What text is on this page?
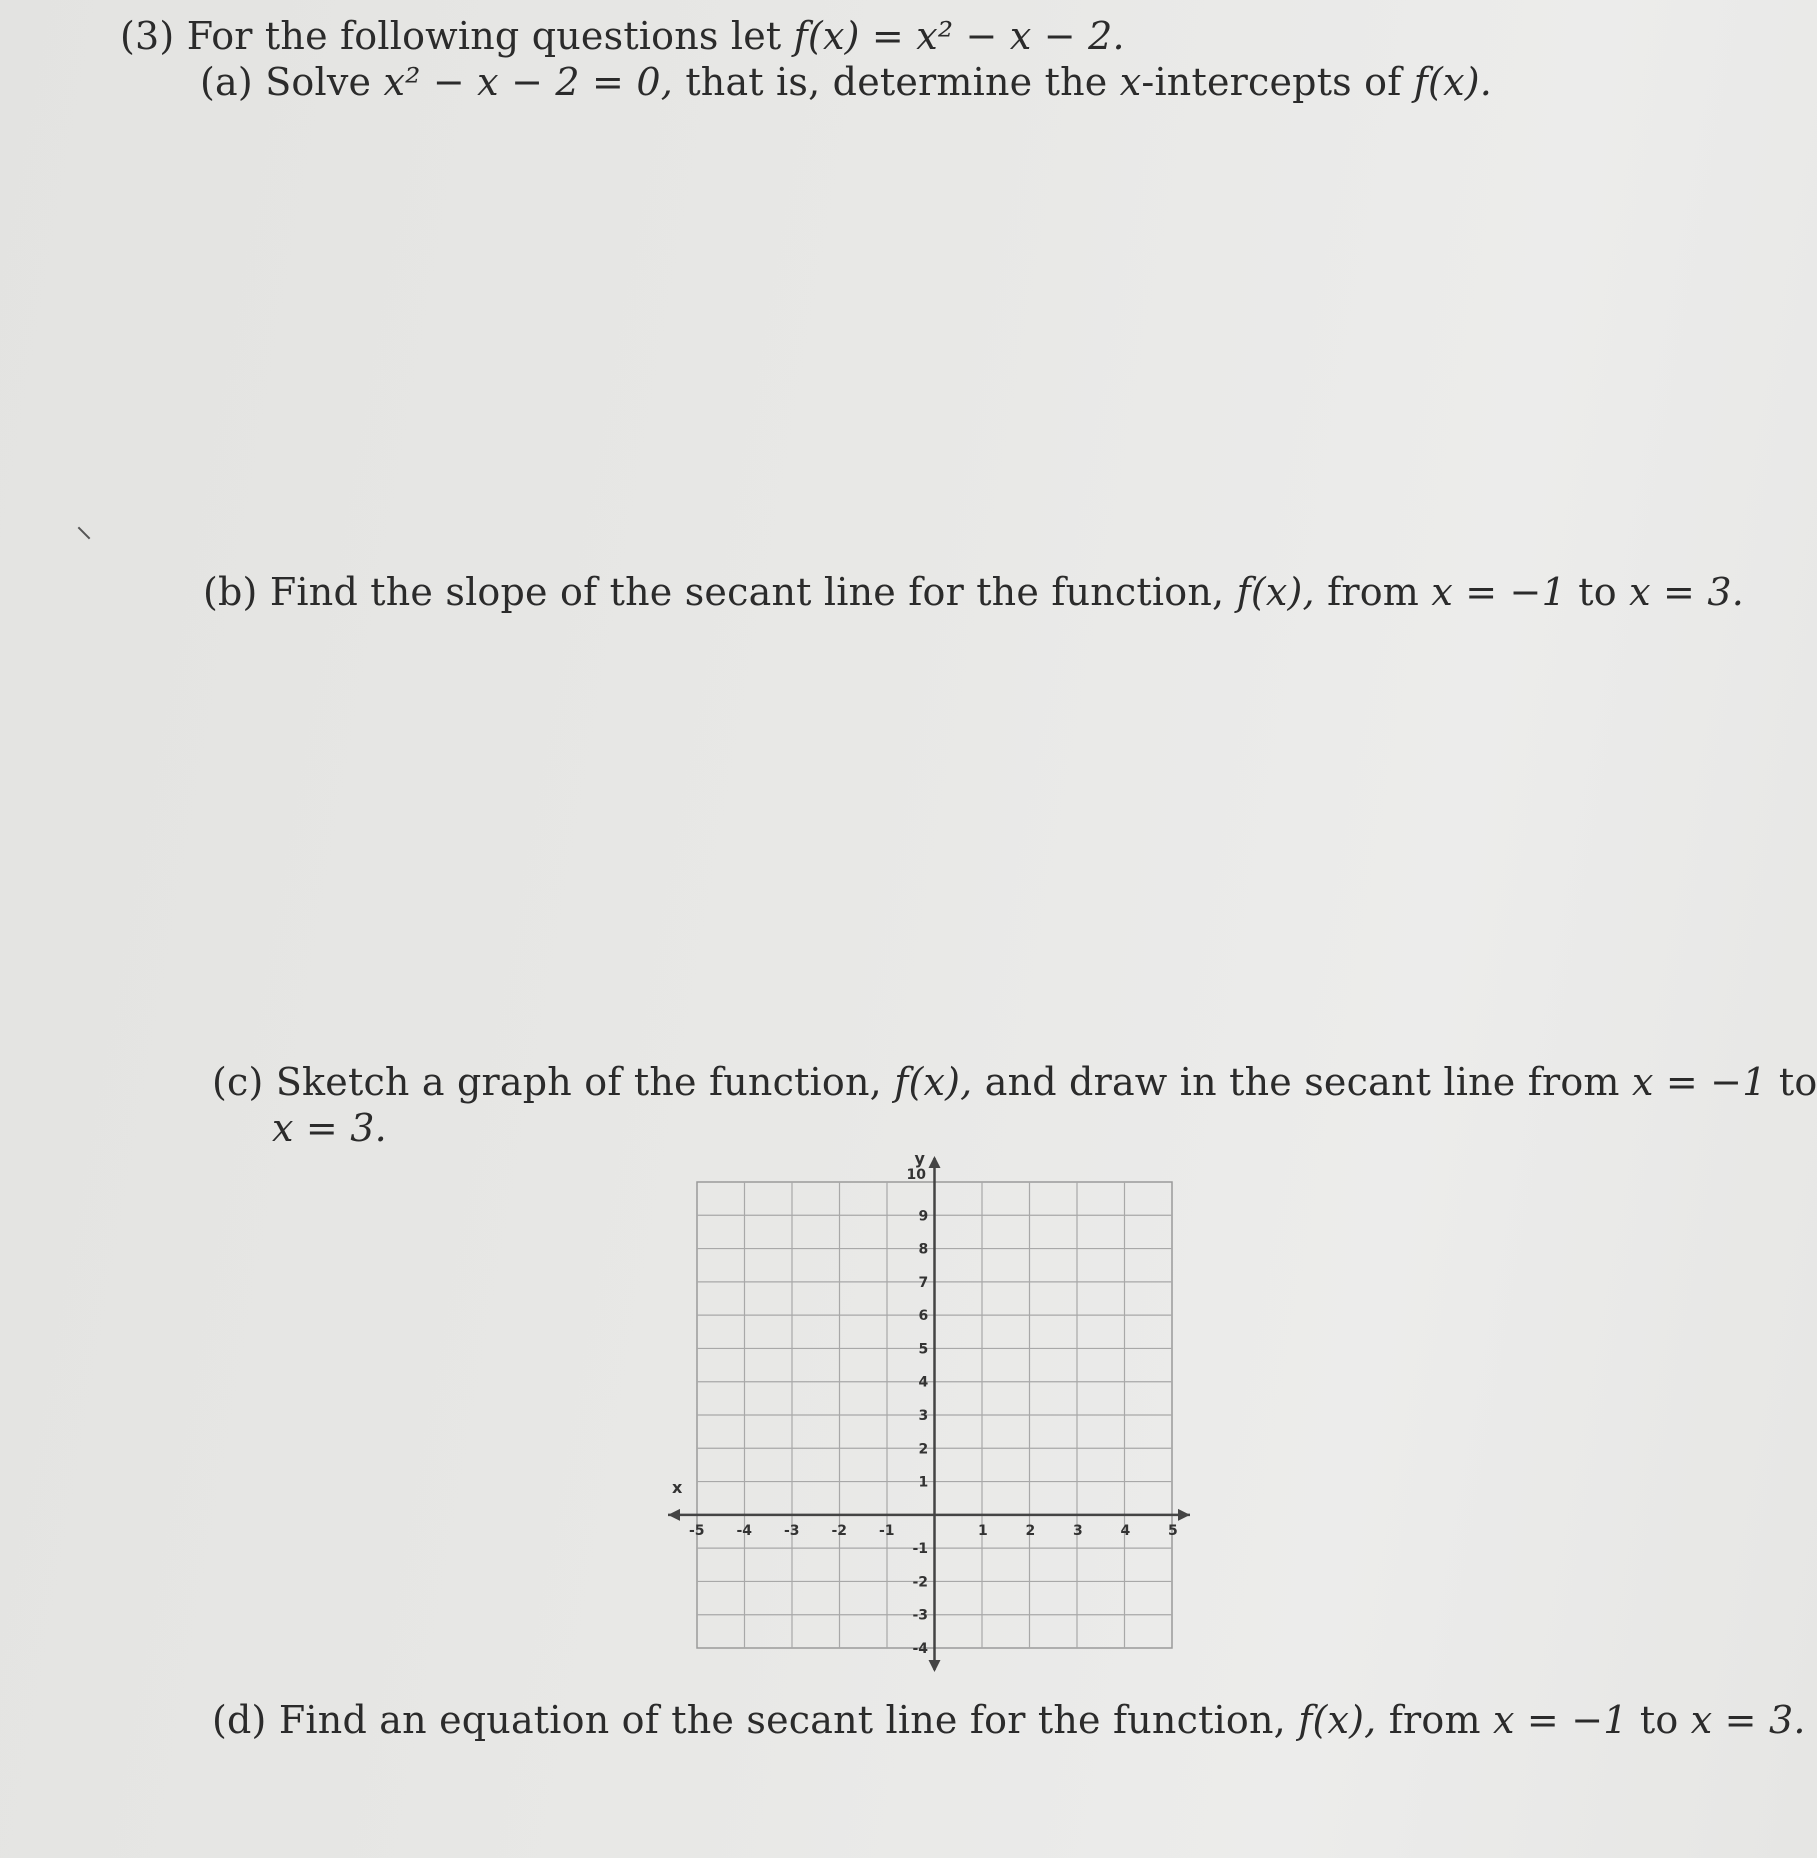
(3) For the following questions let f(x) = x² − x − 2.
(a) Solve x² − x − 2 = 0, that is, determine the x-intercepts of f(x).
(b) Find the slope of the secant line for the function, f(x), from x = −1 to x = 3.
(c) Sketch a graph of the function, f(x), and draw in the secant line from x = −1 to
x = 3.
x
y
-5 -4 -3 -2 -1	1	2	3	4	5
10
9
8
7
6
5
4
3
2
1
-1
-2
-3
-4
(d) Find an equation of the secant line for the function, f(x), from x = −1 to x = 3.
